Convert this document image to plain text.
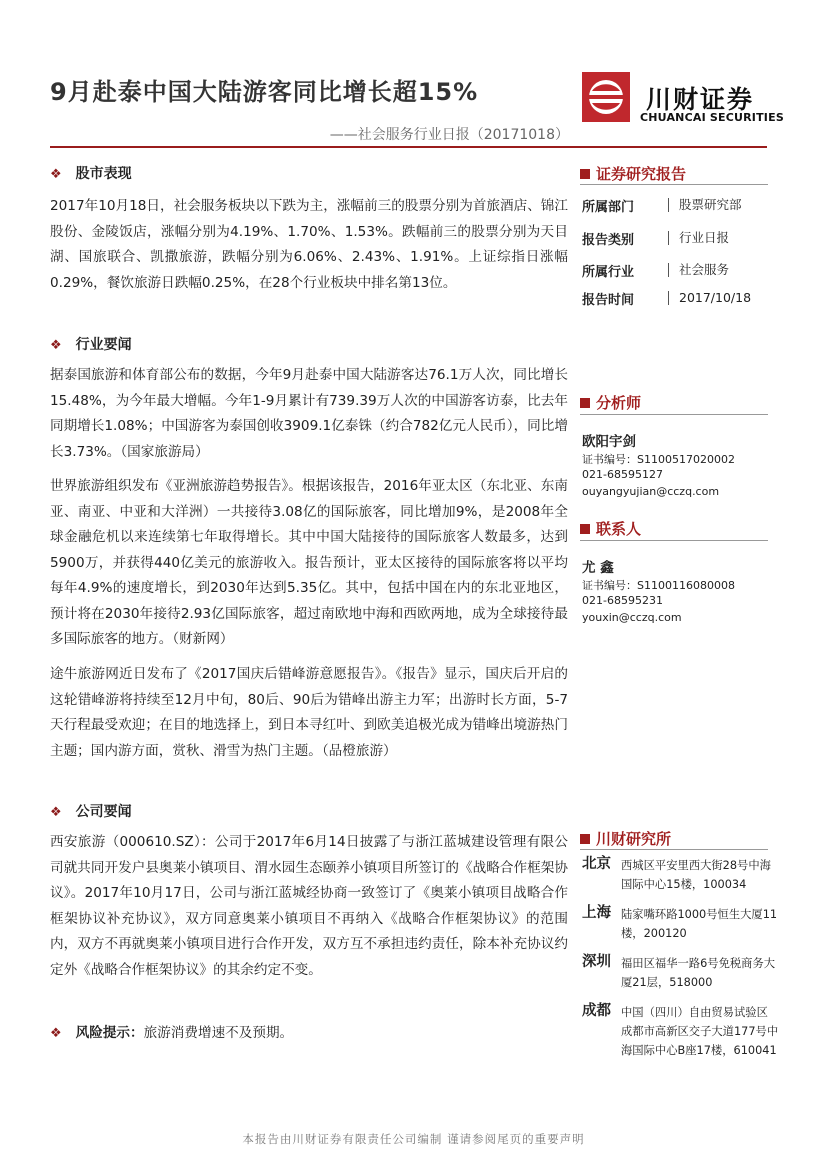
9月赴泰中国大陆游客同比增长超15%
——社会服务行业日报（20171018）
川财证券
CHUANCAI SECURITIES
❖ 股市表现
2017年10月18日，社会服务板块以下跌为主，涨幅前三的股票分别为首旅酒店、锦江股份、金陵饭店，涨幅分别为4.19%、1.70%、1.53%。跌幅前三的股票分别为天目湖、国旅联合、凯撒旅游，跌幅分别为6.06%、2.43%、1.91%。上证综指日涨幅0.29%，餐饮旅游日跌幅0.25%，在28个行业板块中排名第13位。
❖ 行业要闻
据泰国旅游和体育部公布的数据，今年9月赴泰中国大陆游客达76.1万人次，同比增长15.48%，为今年最大增幅。今年1-9月累计有739.39万人次的中国游客访泰，比去年同期增长1.08%；中国游客为泰国创收3909.1亿泰铢（约合782亿元人民币），同比增长3.73%。（国家旅游局）
世界旅游组织发布《亚洲旅游趋势报告》。根据该报告，2016年亚太区（东北亚、东南亚、南亚、中亚和大洋洲）一共接待3.08亿的国际旅客，同比增加9%，是2008年全球金融危机以来连续第七年取得增长。其中中国大陆接待的国际旅客人数最多，达到5900万，并获得440亿美元的旅游收入。报告预计，亚太区接待的国际旅客将以平均每年4.9%的速度增长，到2030年达到5.35亿。其中，包括中国在内的东北亚地区，预计将在2030年接待2.93亿国际旅客，超过南欧地中海和西欧两地，成为全球接待最多国际旅客的地方。（财新网）
途牛旅游网近日发布了《2017国庆后错峰游意愿报告》。《报告》显示，国庆后开启的这轮错峰游将持续至12月中旬，80后、90后为错峰出游主力军；出游时长方面，5-7天行程最受欢迎；在目的地选择上，到日本寻红叶、到欧美追极光成为错峰出境游热门主题；国内游方面，赏秋、滑雪为热门主题。（品橙旅游）
❖ 公司要闻
西安旅游（000610.SZ）：公司于2017年6月14日披露了与浙江蓝城建设管理有限公司就共同开发户县奥莱小镇项目、渭水园生态颐养小镇项目所签订的《战略合作框架协议》。2017年10月17日，公司与浙江蓝城经协商一致签订了《奥莱小镇项目战略合作框架协议补充协议》，双方同意奥莱小镇项目不再纳入《战略合作框架协议》的范围内，双方不再就奥莱小镇项目进行合作开发，双方互不承担违约责任，除本补充协议约定外《战略合作框架协议》的其余约定不变。
❖ 风险提示：旅游消费增速不及预期。
证券研究报告
所属部门	股票研究部
报告类别	行业日报
所属行业	社会服务
报告时间	2017/10/18
分析师
欧阳宇剑
证书编号：S1100517020002
021-68595127
ouyangyujian@cczq.com
联系人
尤 鑫
证书编号：S1100116080008
021-68595231
youxin@cczq.com
川财研究所
北京 西城区平安里西大街28号中海国际中心15楼，100034
上海 陆家嘴环路1000号恒生大厦11楼，200120
深圳 福田区福华一路6号免税商务大厦21层，518000
成都 中国（四川）自由贸易试验区成都市高新区交子大道177号中海国际中心B座17楼，610041
本报告由川财证券有限责任公司编制 谨请参阅尾页的重要声明
